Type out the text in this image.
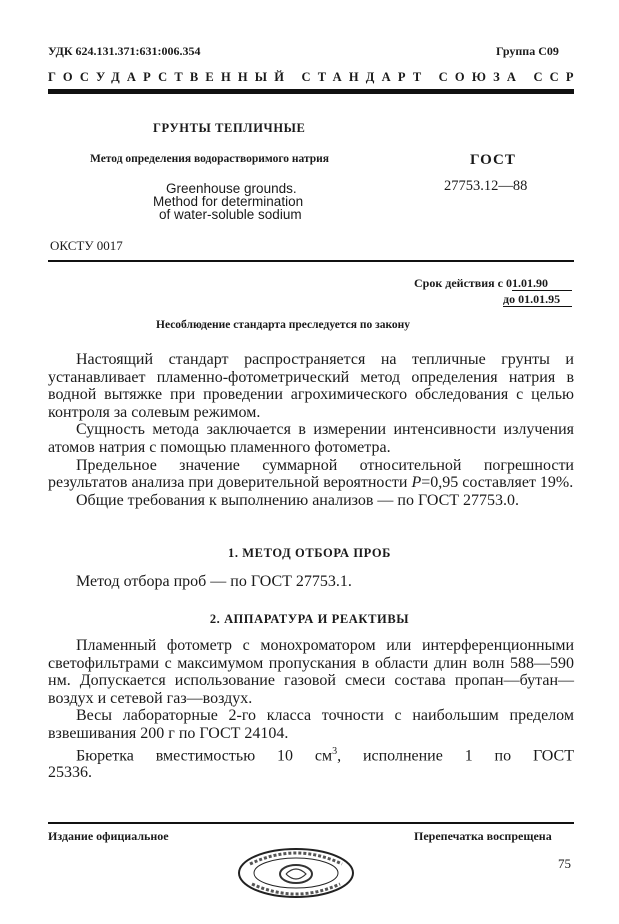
УДК 624.131.371:631:006.354	Группа С09
ГОСУДАРСТВЕННЫЙ СТАНДАРТ СОЮЗА ССР
ГРУНТЫ ТЕПЛИЧНЫЕ
Метод определения водорастворимого натрия	ГОСТ
Greenhouse grounds.	27753.12—88
Method for determination
of water-soluble sodium
ОКСТУ 0017
Срок действия с 01.01.90
до 01.01.95
Несоблюдение стандарта преследуется по закону

Настоящий стандарт распространяется на тепличные грунты и устанавливает пламенно-фотометрический метод определения натрия в водной вытяжке при проведении агрохимического обследования с целью контроля за солевым режимом.

Сущность метода заключается в измерении интенсивности излучения атомов натрия с помощью пламенного фотометра.

Предельное значение суммарной относительной погрешности результатов анализа при доверительной вероятности P=0,95 составляет 19%.

Общие требования к выполнению анализов — по ГОСТ 27753.0.

1. МЕТОД ОТБОРА ПРОБ

Метод отбора проб — по ГОСТ 27753.1.

2. АППАРАТУРА И РЕАКТИВЫ

Пламенный фотометр с монохроматором или интерференционными светофильтрами с максимумом пропускания в области длин волн 588—590 нм. Допускается использование газовой смеси состава пропан—бутан—воздух и сетевой газ—воздух.

Весы лабораторные 2-го класса точности с наибольшим пределом взвешивания 200 г по ГОСТ 24104.

Бюретка вместимостью 10 $см^3$, исполнение 1 по ГОСТ 25336.

Издание официальное	Перепечатка воспрещена
75
